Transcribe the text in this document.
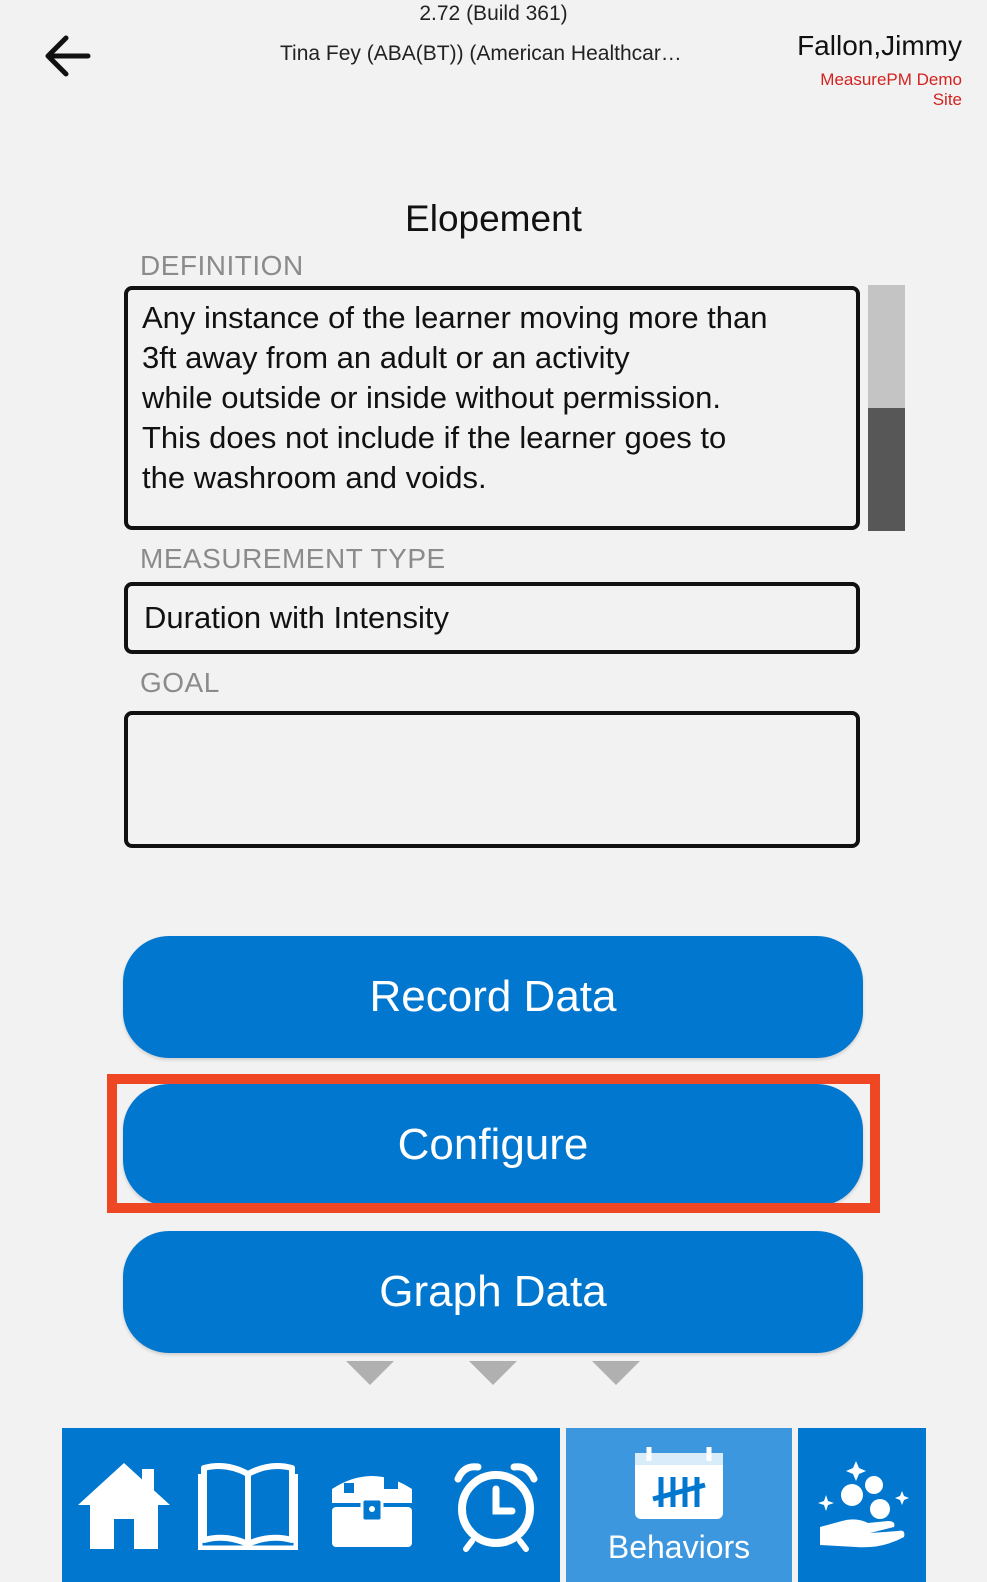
2.72 (Build 361)
Tina Fey (ABA(BT)) (American Healthcar…	Fallon,Jimmy
MeasurePM Demo
Site
Elopement
DEFINITION
Any instance of the learner moving more than
3ft away from an adult or an activity
while outside or inside without permission.
This does not include if the learner goes to
the washroom and voids.
MEASUREMENT TYPE
Duration with Intensity
GOAL
Record Data
Configure
Graph Data
Behaviors
